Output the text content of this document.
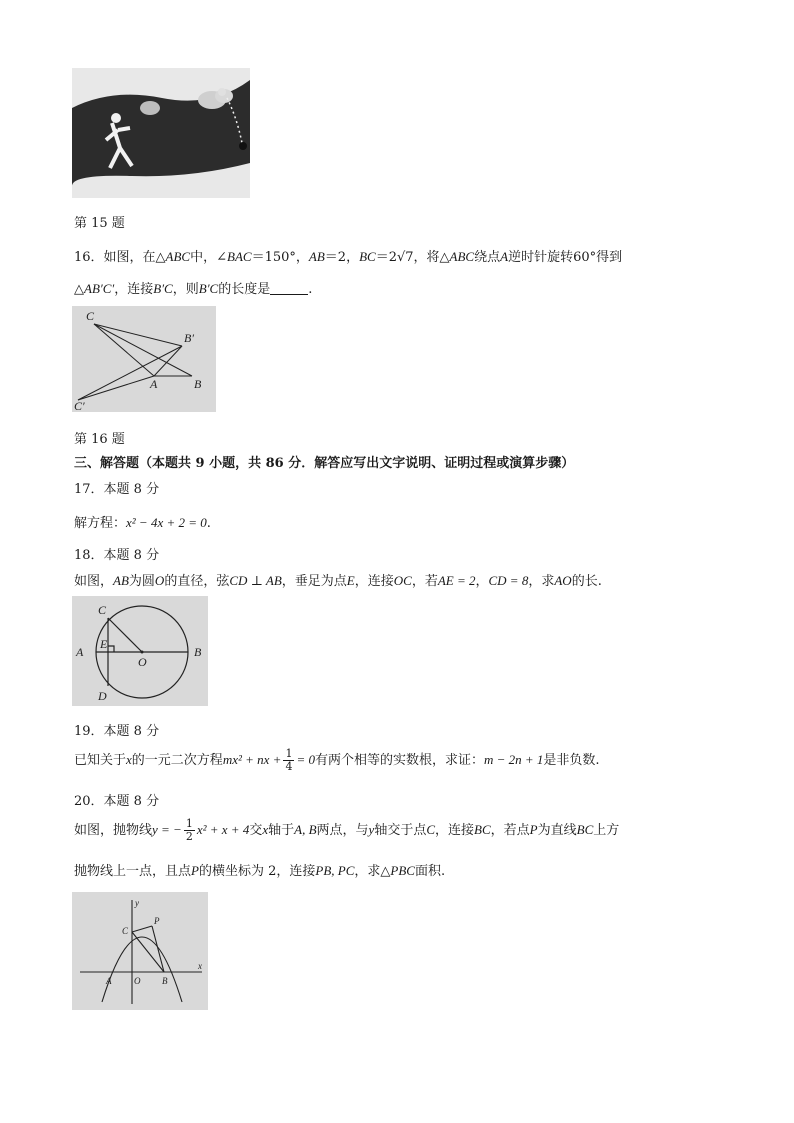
第 15 题
16．如图，在△ABC中，∠BAC＝150°，AB＝2，BC＝2√7，将△ABC绕点A逆时针旋转60°得到
△AB′C′，连接B′C，则B′C的长度是	.
C
B′
A	B
C′
第 16 题
三、解答题（本题共 9 小题，共 86 分．解答应写出文字说明、证明过程或演算步骤）
17．本题 8 分
解方程：x² − 4x + 2 = 0.
18．本题 8 分
如图，AB为圆O的直径，弦CD ⊥ AB，垂足为点E，连接OC，若AE = 2，CD = 8，求AO的长.
C
E
A
O
B
D
19．本题 8 分
已知关于x的一元二次方程mx² + nx + $\frac{1}{4} = 0$有两个相等的实数根，求证：m − 2n + 1是非负数.
20．本题 8 分
如图，抛物线y = − $\frac{1}{2} x^2 + x + 4$交x轴于A, B两点，与y轴交于点C，连接BC，若点P为直线BC上方
抛物线上一点，且点P的横坐标为 2，连接PB, PC，求△PBC面积.
y
x
C
P
A	O B
